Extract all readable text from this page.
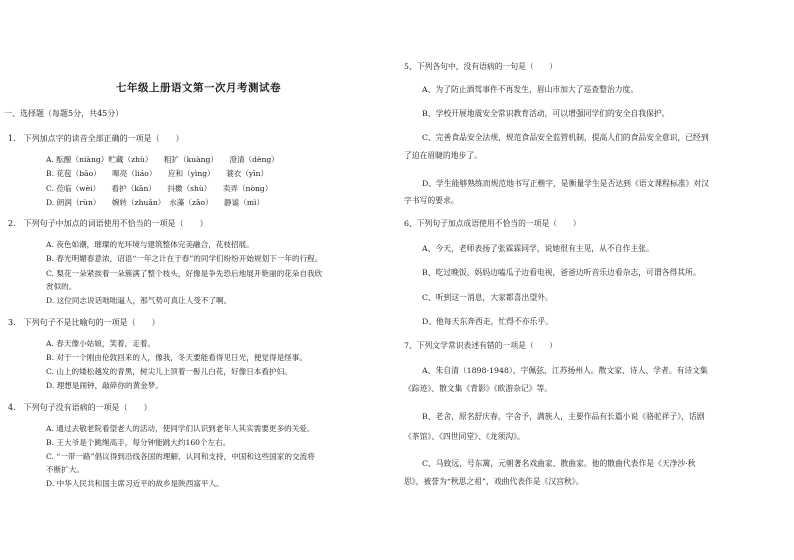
七年级上册语文第一次月考测试卷
一、选择题（每题5分，共45分）
1.　下列加点字的读音全部正确的一项是（　　）
A. 酝酿（niàng）贮藏（zhù）　　粗犷（kuàng）　　澄清（dèng）
B. 花苞（bāo）　　嗥亮（liáo）　　应和（yìng）　　蓑衣（yīn）
C. 莅临（wèi）　　看护（kān）　　抖擞（shù）　　卖弄（nòng）
D. 朗润（rùn）　　婉转（zhuǎn）　水藻（zǎo）　　静谧（mì）
2.　下列句子中加点的词语使用不恰当的一项是（　　）
A. 夜色如潮，璀璨的光环境与建筑整体完美融合，花枝招展。
B. 春光明媚春意浓，诏语“一年之计在于春”的同学们纷纷开始规划下一年的行程。
C. 梨花一朵紧挨着一朵簇满了整个枝头，好像是争先恐后地展开艳丽的花朵自我欣
赏似的。
D. 这位同志说话咄咄逼人，那气势可真让人受不了啊。
3.　下列句子不是比喻句的一项是（　　）
A. 春天像小姑娘，笑着，走着。
B. 对于一个刚由伦敦回来的人，像我，冬天要能看得见日光，便觉得是怪事。
C. 山上的矮松越发的青黑，树尖儿上顶着一髻儿白花，好像日本看护妇。
D. 理想是闹钟，敲碎你的黄金梦。
4.　下列句子没有语病的一项是（　　）
A. 通过去敬老院看望老人的活动，使同学们认识到老年人其实需要更多的关爱。
B. 王大爷是个跳绳高手，每分钟能跳大约160个左右。
C. “一带一路”倡议得到沿线各国的理解、认同和支持，中国和这些国家的交流将
不断扩大。
D. 中华人民共和国主席习近平的故乡是陕西富平人。
5、下列各句中，没有语病的一句是（　　）
A、为了防止酒驾事件不再发生，眉山市加大了巡查整治力度。
B、学校开展地震安全常识教育活动，可以增强同学们的安全自我保护。
C、完善食品安全法规，规范食品安全监管机制，提高人们的食品安全意识，已经到
了迫在眉睫的地步了。
D、学生能够熟练而规范地书写正楷字，是衡量学生是否达到《语文课程标准》对汉
字书写的要求。
6、下列句子加点成语使用不恰当的一项是（　　）
A、今天，老师表扬了张霖霖同学，说她很有主见，从不自作主张。
B、吃过晚饭，妈妈边嗑瓜子边看电视，爸爸边听音乐边看杂志，可谓各得其所。
C、听到这一消息，大家都喜出望外。
D、他每天东奔西走，忙得不亦乐乎。
7、下列文学常识表述有错的一项是（　　）
A、朱自清（1898-1948），字佩弦，江苏扬州人。散文家、诗人、学者。有诗文集
《踪迹》、散文集《背影》《欧游杂记》等。
B、老舍，原名舒庆春，字舍予，满族人，主要作品有长篇小说《骆驼祥子》，话剧
《茶馆》、《四世同堂》、《龙须沟》。
C、马致远，号东篱，元朝著名戏曲家、散曲家。他的散曲代表作是《天净沙·秋
思》，被誉为“秋思之祖”，戏曲代表作是《汉宫秋》。
